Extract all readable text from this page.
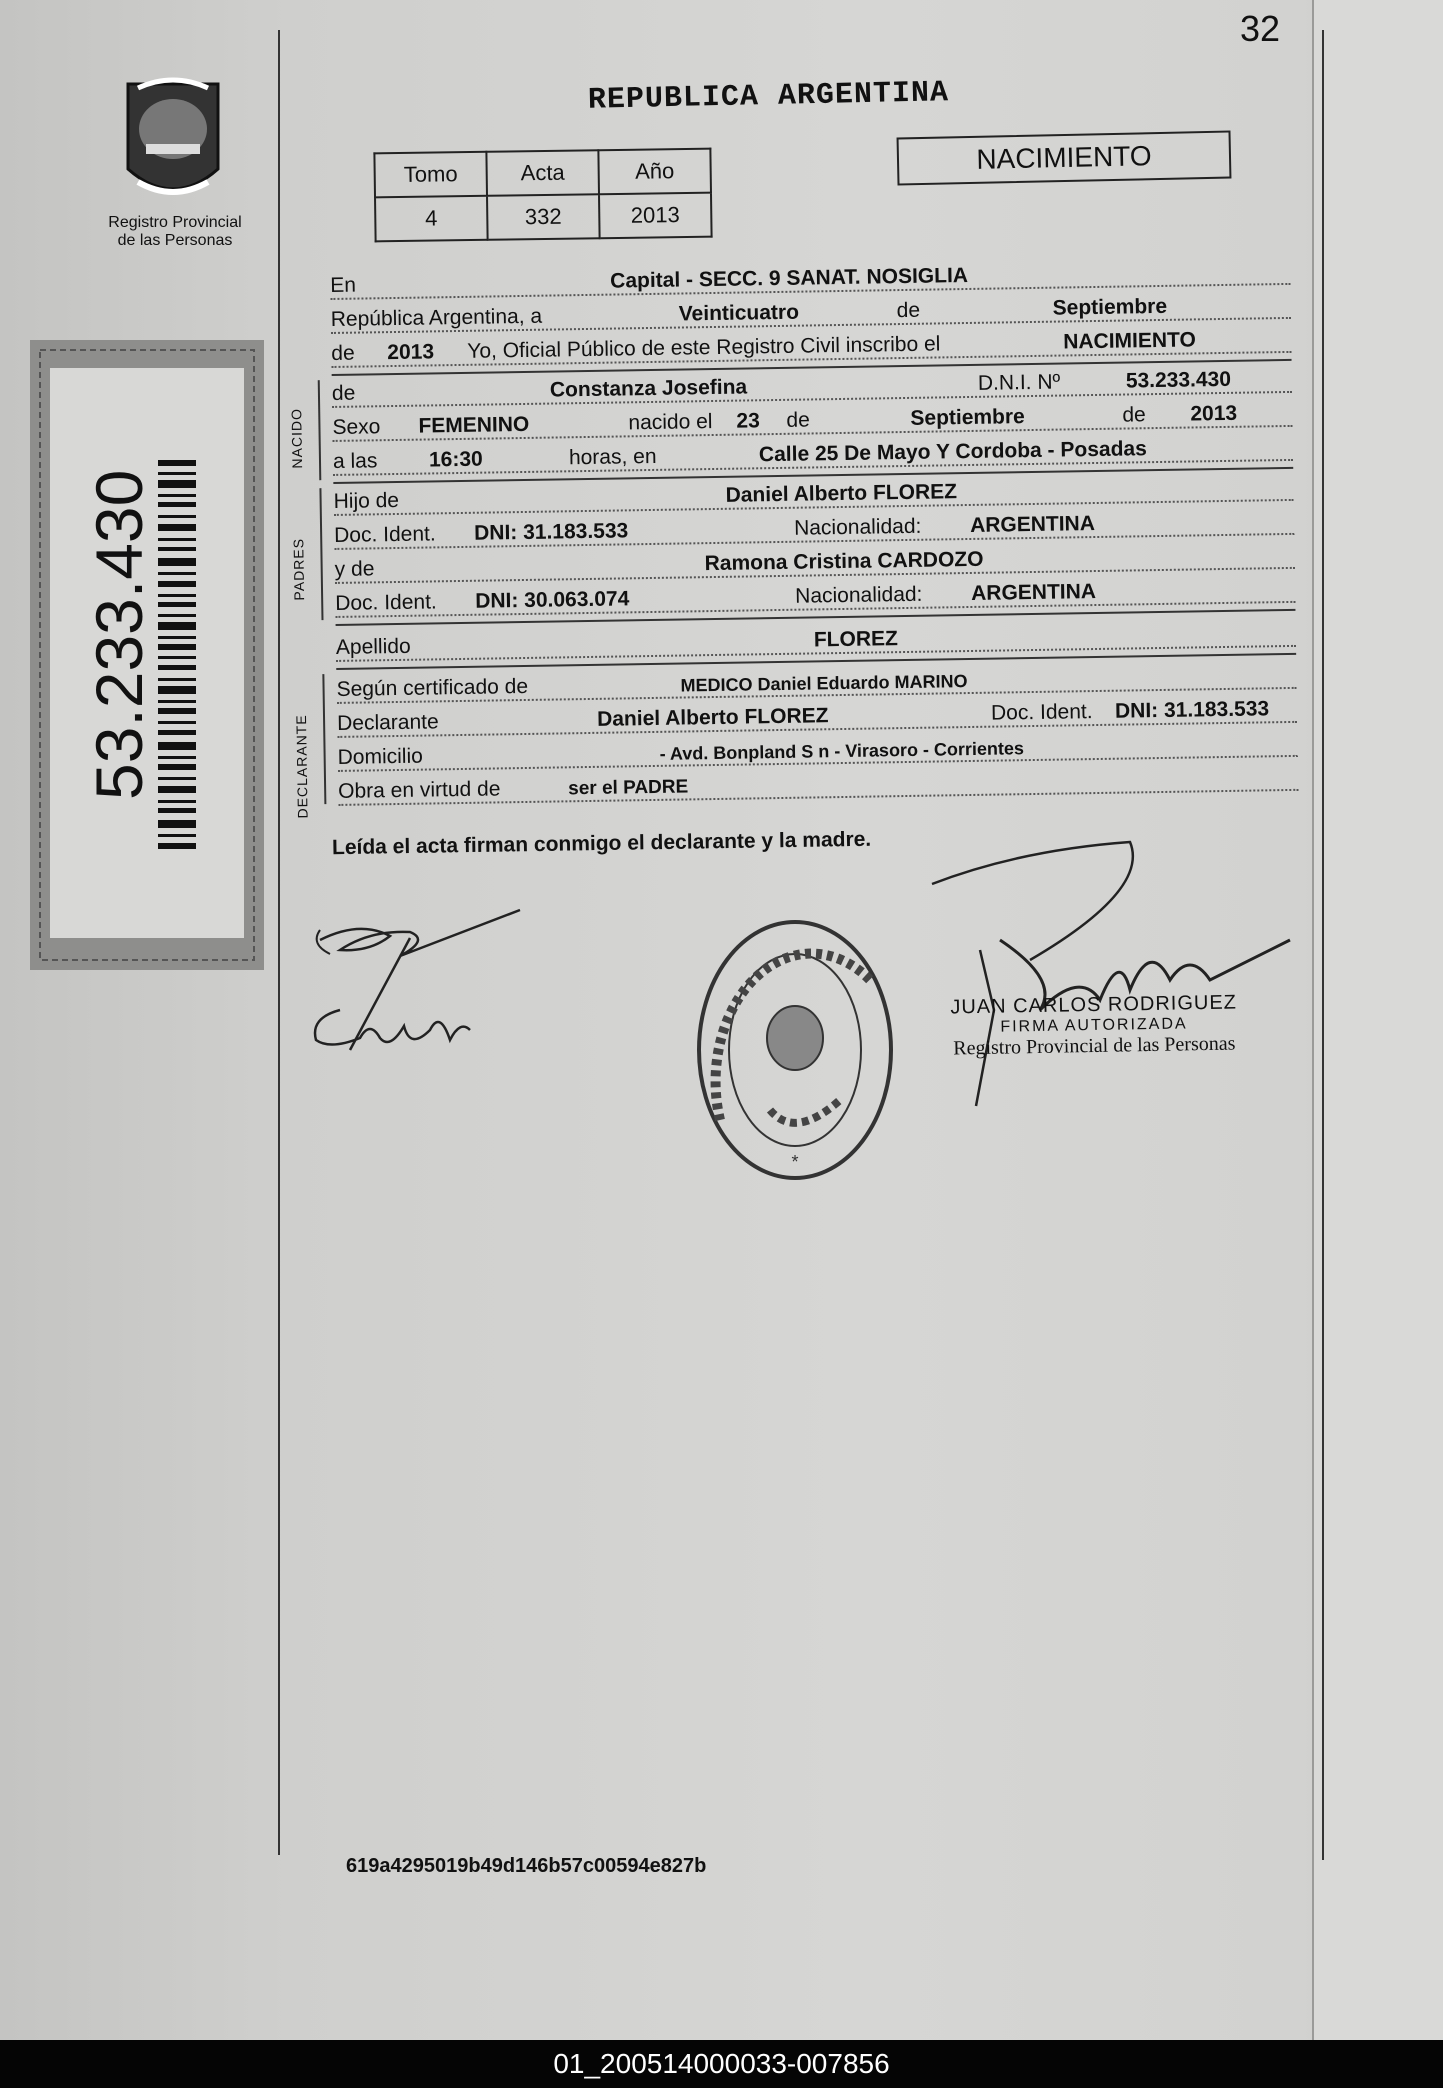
32
Registro Provincial
de las Personas
53.233.430
REPUBLICA ARGENTINA
Tomo	Acta	Año
4	332	2013
NACIMIENTO
En	Capital - SECC. 9 SANAT. NOSIGLIA
República Argentina, a	Veinticuatro	de	Septiembre
de 2013 Yo, Oficial Público de este Registro Civil inscribo el	NACIMIENTO
de	Constanza Josefina	D.N.I. Nº	53.233.430
Sexo FEMENINO	nacido el 23 de	Septiembre	de 2013
a las 16:30	horas, en	Calle 25 De Mayo Y Cordoba - Posadas
Hijo de	Daniel Alberto FLOREZ
Doc. Ident. DNI: 31.183.533	Nacionalidad: ARGENTINA
y de	Ramona Cristina CARDOZO
Doc. Ident. DNI: 30.063.074	Nacionalidad: ARGENTINA
Apellido	FLOREZ
Según certificado de	MEDICO Daniel Eduardo MARINO
Declarante	Daniel Alberto FLOREZ	Doc. Ident. DNI: 31.183.533
Domicilio	- Avd. Bonpland S n - Virasoro - Corrientes
Obra en virtud de	ser el PADRE
NACIDO
PADRES
DECLARANTE
Leída el acta firman conmigo el declarante y la madre.
*
JUAN CARLOS RODRIGUEZ
FIRMA AUTORIZADA
Registro Provincial de las Personas
619a4295019b49d146b57c00594e827b
01_200514000033-007856
